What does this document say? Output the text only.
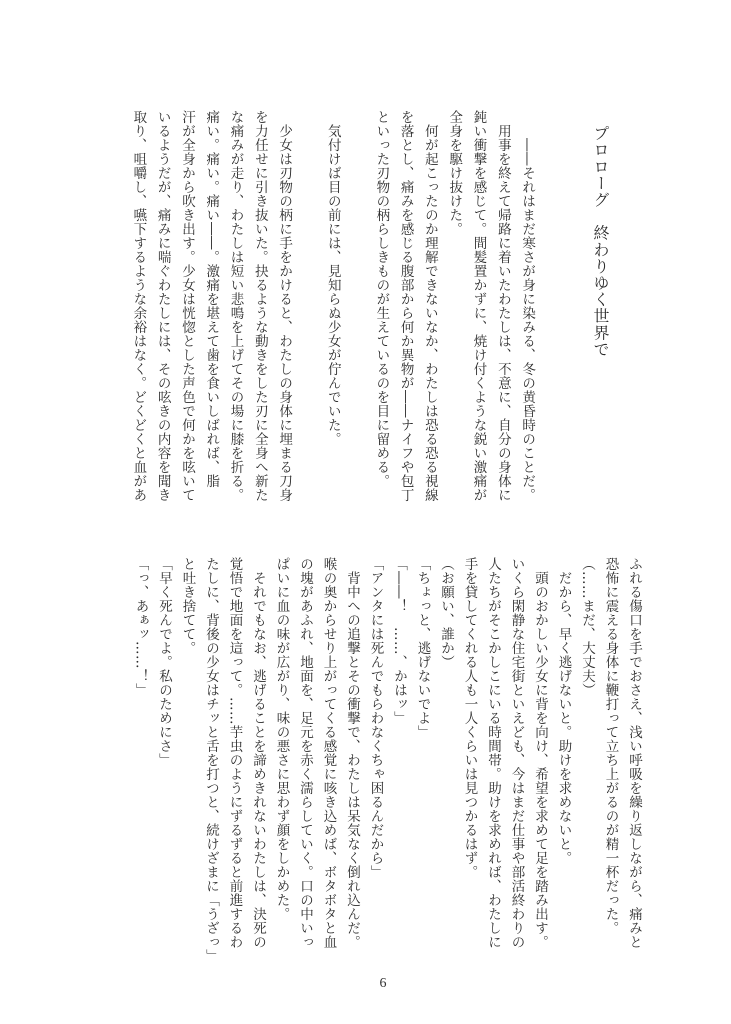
プロローグ　終わりゆく世界で
　　――それはまだ寒さが身に染みる、冬の黄昏時のことだ。
　用事を終えて帰路に着いたわたしは、不意に、自分の身体に
鈍い衝撃を感じて。間髪置かずに、焼け付くような鋭い激痛が
全身を駆け抜けた。
　何が起こったのか理解できないなか、わたしは恐る恐る視線
を落とし、痛みを感じる腹部から何か異物が――ナイフや包丁
といった刃物の柄らしきものが生えているのを目に留める。
　気付けば目の前には、見知らぬ少女が佇んでいた。
　少女は刃物の柄に手をかけると、わたしの身体に埋まる刀身
を力任せに引き抜いた。抉るような動きをした刃に全身へ新た
な痛みが走り、わたしは短い悲鳴を上げてその場に膝を折る。
痛い。痛い。痛い――。激痛を堪えて歯を食いしばれば、脂
汗が全身から吹き出す。少女は恍惚とした声色で何かを呟いて
いるようだが、痛みに喘ぐわたしには、その呟きの内容を聞き
取り、咀嚼し、嚥下するような余裕はなく。どくどくと血があ
ふれる傷口を手でおさえ、浅い呼吸を繰り返しながら、痛みと
恐怖に震える身体に鞭打って立ち上がるのが精一杯だった。
（……まだ、大丈夫）
　だから、早く逃げないと。助けを求めないと。
　頭のおかしい少女に背を向け、希望を求めて足を踏み出す。
いくら閑静な住宅街といえども、今はまだ仕事や部活終わりの
人たちがそこかしこにいる時間帯。助けを求めれば、わたしに
手を貸してくれる人も一人くらいは見つかるはず。
（お願い、誰か）
「ちょっと、逃げないでよ」
「――！　……、かはッ」
「アンタには死んでもらわなくちゃ困るんだから」
　背中への追撃とその衝撃で、わたしは呆気なく倒れ込んだ。
喉の奥からせり上がってくる感覚に咳き込めば、ボタボタと血
の塊があふれ、地面を、足元を赤く濡らしていく。口の中いっ
ぱいに血の味が広がり、味の悪さに思わず顔をしかめた。
　それでもなお、逃げることを諦めきれないわたしは、決死の
覚悟で地面を這って。……芋虫のようにずるずると前進するわ
たしに、背後の少女はチッと舌を打つと、続けざまに「うざっ」
と吐き捨てて。
「早く死んでよ。私のためにさ」
「っ、あぁッ……！」
6
